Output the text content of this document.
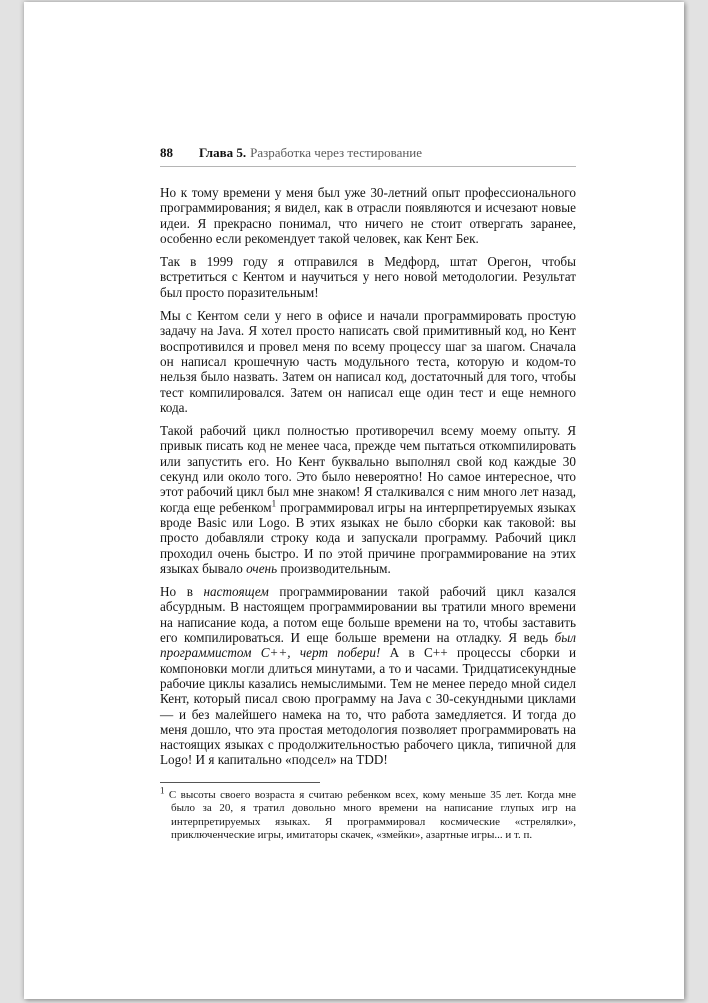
88 Глава 5. Разработка через тестирование

Но к тому времени у меня был уже 30-летний опыт профессионального программирования; я видел, как в отрасли появляются и исчезают новые идеи. Я прекрасно понимал, что ничего не стоит отвергать заранее, особенно если рекомендует такой человек, как Кент Бек.

Так в 1999 году я отправился в Медфорд, штат Орегон, чтобы встретиться с Кентом и научиться у него новой методологии. Результат был просто поразительным!

Мы с Кентом сели у него в офисе и начали программировать простую задачу на Java. Я хотел просто написать свой примитивный код, но Кент воспротивился и провел меня по всему процессу шаг за шагом. Сначала он написал крошечную часть модульного теста, которую и кодом-то нельзя было назвать. Затем он написал код, достаточный для того, чтобы тест компилировался. Затем он написал еще один тест и еще немного кода.

Такой рабочий цикл полностью противоречил всему моему опыту. Я привык писать код не менее часа, прежде чем пытаться откомпилировать или запустить его. Но Кент буквально выполнял свой код каждые 30 секунд или около того. Это было невероятно! Но самое интересное, что этот рабочий цикл был мне знаком! Я сталкивался с ним много лет назад, когда еще ребенком$^1$ программировал игры на интерпретируемых языках вроде Basic или Logo. В этих языках не было сборки как таковой: вы просто добавляли строку кода и запускали программу. Рабочий цикл проходил очень быстро. И по этой причине программирование на этих языках бывало очень производительным.

Но в настоящем программировании такой рабочий цикл казался абсурдным. В настоящем программировании вы тратили много времени на написание кода, а потом еще больше времени на то, чтобы заставить его компилироваться. И еще больше времени на отладку. Я ведь был программистом C++, черт побери! А в C++ процессы сборки и компоновки могли длиться минутами, а то и часами. Тридцатисекундные рабочие циклы казались немыслимыми. Тем не менее передо мной сидел Кент, который писал свою программу на Java с 30-секундными циклами — и без малейшего намека на то, что работа замедляется. И тогда до меня дошло, что эта простая методология позволяет программировать на настоящих языках с продолжительностью рабочего цикла, типичной для Logo! И я капитально «подсел» на TDD!

$^1$ С высоты своего возраста я считаю ребенком всех, кому меньше 35 лет. Когда мне было за 20, я тратил довольно много времени на написание глупых игр на интерпретируемых языках. Я программировал космические «стрелялки», приключенческие игры, имитаторы скачек, «змейки», азартные игры... и т. п.
